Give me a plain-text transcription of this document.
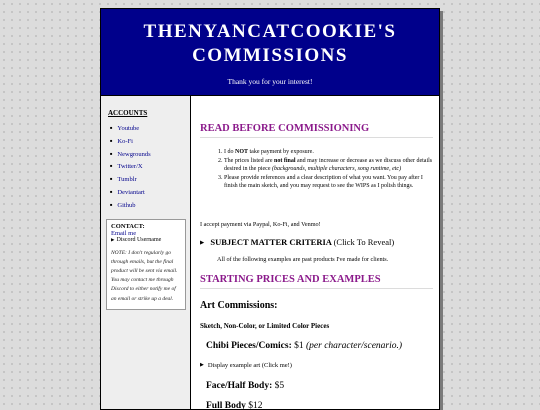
THENYANCATCOOKIE'S
COMMISSIONS
Thank you for your interest!
ACCOUNTS
■ Youtube
■ Ko-Fi
■ Newgrounds
■ Twitter/X
■ Tumblr
■ Deviantart
■ Github
CONTACT:
Email me
▶ Discord Username
NOTE: I don't regularly go through emails, but the final product will be sent via email. You may contact me through Discord to either notify me of an email or strike up a deal.
READ BEFORE COMMISSIONING
1. I do NOT take payment by exposure.
2. The prices listed are not final and may increase or decrease as we discuss other details desired in the piece (backgrounds, multiple characters, song runtime, etc)
3. Please provide references and a clear description of what you want. You pay after I finish the main sketch, and you may request to see the WIPS as I polish things.
I accept payment via Paypal, Ko-Fi, and Venmo!
▶ SUBJECT MATTER CRITERIA (Click To Reveal)
All of the following examples are past products I've made for clients.
STARTING PRICES AND EXAMPLES
Art Commissions:
Sketch, Non-Color, or Limited Color Pieces
Chibi Pieces/Comics: $1 (per character/scenario.)
▶ Display example art (Click me!)
Face/Half Body: $5
Full Body $12
